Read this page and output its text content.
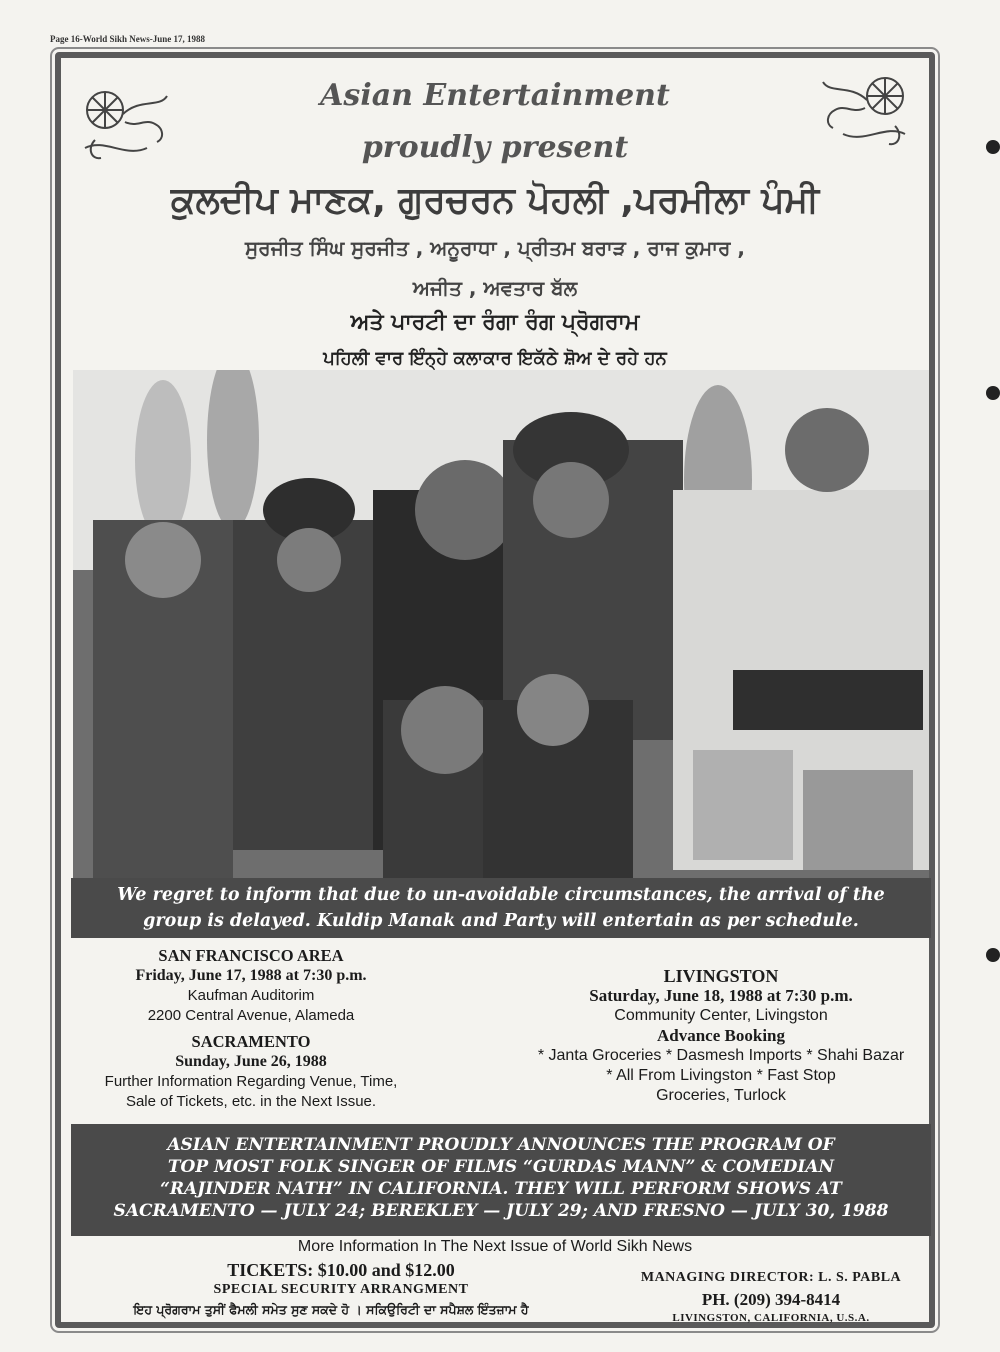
Page 16-World Sikh News-June 17, 1988
Asian Entertainment
proudly present
ਕੁਲਦੀਪ ਮਾਣਕ, ਗੁਰਚਰਨ ਪੋਹਲੀ ,ਪਰਮੀਲਾ ਪੰਮੀ
ਸੁਰਜੀਤ ਸਿੰਘ ਸੁਰਜੀਤ , ਅਨੂਰਾਧਾ , ਪ੍ਰੀਤਮ ਬਰਾੜ , ਰਾਜ ਕੁਮਾਰ ,
ਅਜੀਤ , ਅਵਤਾਰ ਬੱਲ
ਅਤੇ ਪਾਰਟੀ ਦਾ ਰੰਗਾ ਰੰਗ ਪ੍ਰੋਗਰਾਮ
ਪਹਿਲੀ ਵਾਰ ਇੰਨ੍ਹੇ ਕਲਾਕਾਰ ਇਕੱਠੇ ਸ਼ੋਅ ਦੇ ਰਹੇ ਹਨ
We regret to inform that due to un-avoidable circumstances, the arrival of the
group is delayed. Kuldip Manak and Party will entertain as per schedule.
SAN FRANCISCO AREA
Friday, June 17, 1988 at 7:30 p.m.
Kaufman Auditorim
2200 Central Avenue, Alameda
SACRAMENTO
Sunday, June 26, 1988
Further Information Regarding Venue, Time,
Sale of Tickets, etc. in the Next Issue.
LIVINGSTON
Saturday, June 18, 1988 at 7:30 p.m.
Community Center, Livingston
Advance Booking
* Janta Groceries * Dasmesh Imports * Shahi Bazar
* All From Livingston * Fast Stop
Groceries, Turlock
ASIAN ENTERTAINMENT PROUDLY ANNOUNCES THE PROGRAM OF
TOP MOST FOLK SINGER OF FILMS “GURDAS MANN” & COMEDIAN
“RAJINDER NATH” IN CALIFORNIA. THEY WILL PERFORM SHOWS AT
SACRAMENTO — JULY 24; BEREKLEY — JULY 29; AND FRESNO — JULY 30, 1988
More Information In The Next Issue of World Sikh News
TICKETS: $10.00 and $12.00
SPECIAL SECURITY ARRANGMENT
ਇਹ ਪ੍ਰੋਗਰਾਮ ਤੁਸੀਂ ਫੈਮਲੀ ਸਮੇਤ ਸੁਣ ਸਕਦੇ ਹੋ । ਸਕਿਉਰਿਟੀ ਦਾ ਸਪੈਸ਼ਲ ਇੰਤਜ਼ਾਮ ਹੈ
MANAGING DIRECTOR: L. S. PABLA
PH. (209) 394-8414
LIVINGSTON, CALIFORNIA, U.S.A.
